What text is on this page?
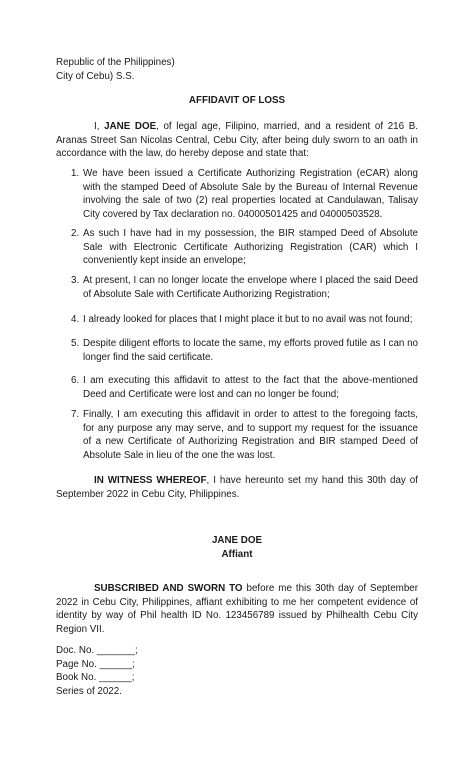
Republic of the Philippines)
City of Cebu) S.S.
AFFIDAVIT OF LOSS
I, JANE DOE, of legal age, Filipino, married, and a resident of 216 B. Aranas Street San Nicolas Central, Cebu City, after being duly sworn to an oath in accordance with the law, do hereby depose and state that:
1. We have been issued a Certificate Authorizing Registration (eCAR) along with the stamped Deed of Absolute Sale by the Bureau of Internal Revenue involving the sale of two (2) real properties located at Candulawan, Talisay City covered by Tax declaration no. 04000501425 and 04000503528.
2. As such I have had in my possession, the BIR stamped Deed of Absolute Sale with Electronic Certificate Authorizing Registration (CAR) which I conveniently kept inside an envelope;
3. At present, I can no longer locate the envelope where I placed the said Deed of Absolute Sale with Certificate Authorizing Registration;
4. I already looked for places that I might place it but to no avail was not found;
5. Despite diligent efforts to locate the same, my efforts proved futile as I can no longer find the said certificate.
6. I am executing this affidavit to attest to the fact that the above-mentioned Deed and Certificate were lost and can no longer be found;
7. Finally, I am executing this affidavit in order to attest to the foregoing facts, for any purpose any may serve, and to support my request for the issuance of a new Certificate of Authorizing Registration and BIR stamped Deed of Absolute Sale in lieu of the one the was lost.
IN WITNESS WHEREOF, I have hereunto set my hand this 30th day of September 2022 in Cebu City, Philippines.
JANE DOE
Affiant
SUBSCRIBED AND SWORN TO before me this 30th day of September 2022 in Cebu City, Philippines, affiant exhibiting to me her competent evidence of identity by way of Phil health ID No. 123456789 issued by Philhealth Cebu City Region VII.
Doc. No. _______;
Page No. ______;
Book No. ______;
Series of 2022.
